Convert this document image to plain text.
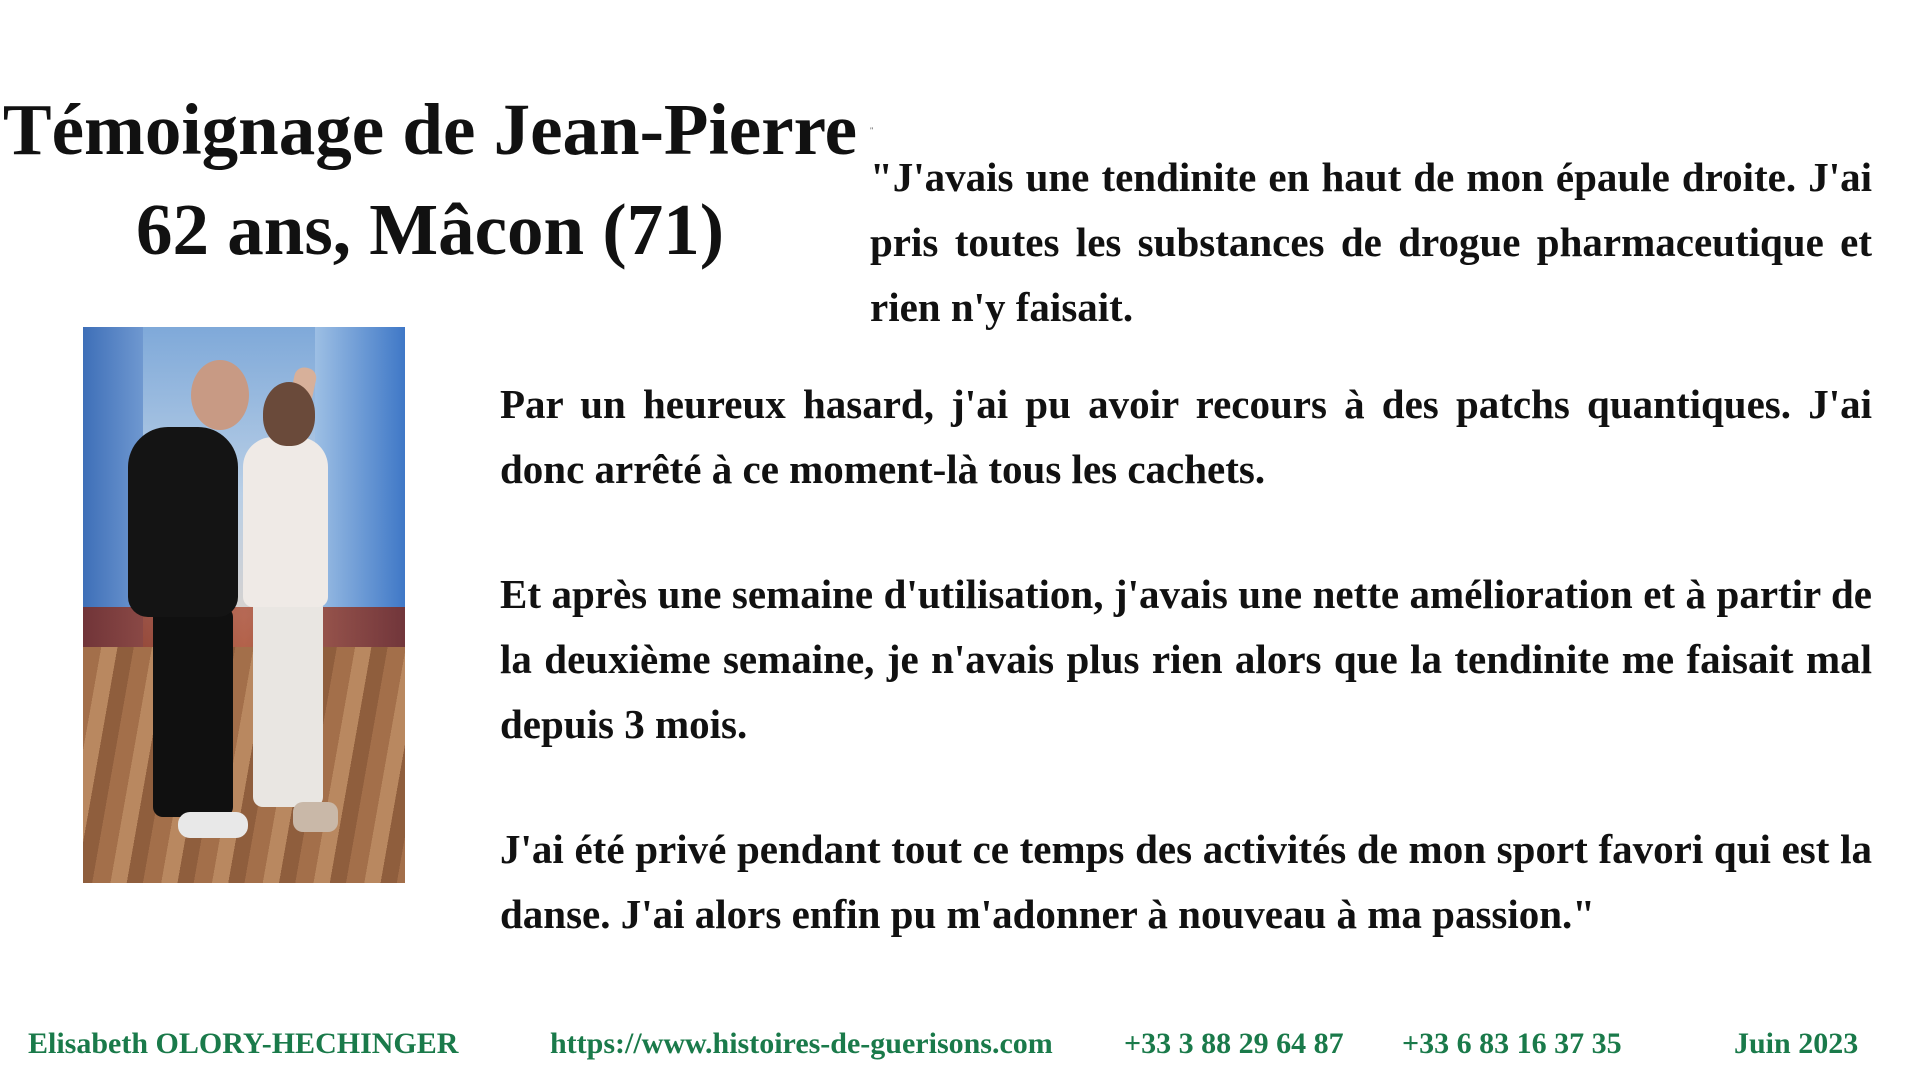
Témoignage de Jean-Pierre
62 ans, Mâcon (71)
"

"J'avais une tendinite en haut de mon épaule droite. J'ai pris toutes les substances de drogue pharmaceutique et rien n'y faisait.

Par un heureux hasard, j'ai pu avoir recours à des patchs quantiques. J'ai donc arrêté à ce moment-là tous les cachets.

Et après une semaine d'utilisation, j'avais une nette amélioration et à partir de la deuxième semaine, je n'avais plus rien alors que la tendinite me faisait mal depuis 3 mois.

J'ai été privé pendant tout ce temps des activités de mon sport favori qui est la danse. J'ai alors enfin pu m'adonner à nouveau à ma passion."

Elisabeth OLORY-HECHINGER	https://www.histoires-de-guerisons.com +33 3 88 29 64 87 +33 6 83 16 37 35	Juin 2023
